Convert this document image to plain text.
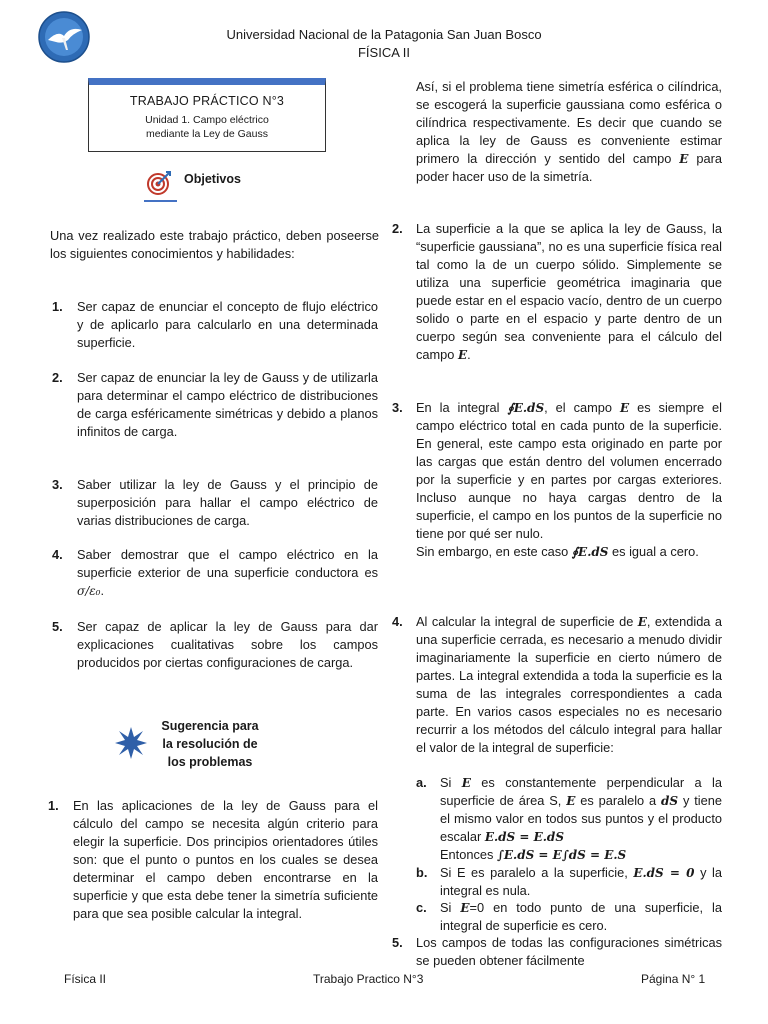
Universidad Nacional de la Patagonia San Juan Bosco
FÍSICA II
TRABAJO PRÁCTICO N°3
Unidad 1. Campo eléctrico
mediante la Ley de Gauss
Objetivos
Una vez realizado este trabajo práctico, deben poseerse los siguientes conocimientos y habilidades:
1. Ser capaz de enunciar el concepto de flujo eléctrico y de aplicarlo para calcularlo en una determinada superficie.
2. Ser capaz de enunciar la ley de Gauss y de utilizarla para determinar el campo eléctrico de distribuciones de carga esféricamente simétricas y debido a planos infinitos de carga.
3. Saber utilizar la ley de Gauss y el principio de superposición para hallar el campo eléctrico de varias distribuciones de carga.
4. Saber demostrar que el campo eléctrico en la superficie exterior de una superficie conductora es σ/ε₀.
5. Ser capaz de aplicar la ley de Gauss para dar explicaciones cualitativas sobre los campos producidos por ciertas configuraciones de carga.
Sugerencia para
la resolución de
los problemas
1. En las aplicaciones de la ley de Gauss para el cálculo del campo se necesita algún criterio para elegir la superficie. Dos principios orientadores útiles son: que el punto o puntos en los cuales se desea determinar el campo deben encontrarse en la superficie y que esta debe tener la simetría suficiente para que sea posible calcular la integral.
Así, si el problema tiene simetría esférica o cilíndrica, se escogerá la superficie gaussiana como esférica o cilíndrica respectivamente. Es decir que cuando se aplica la ley de Gauss es conveniente estimar primero la dirección y sentido del campo E para poder hacer uso de la simetría.
2. La superficie a la que se aplica la ley de Gauss, la “superficie gaussiana”, no es una superficie física real tal como la de un cuerpo sólido. Simplemente se utiliza una superficie geométrica imaginaria que puede estar en el espacio vacío, dentro de un cuerpo solido o parte en el espacio y parte dentro de un cuerpo según sea conveniente para el cálculo del campo E.
3. En la integral ∮E.dS, el campo E es siempre el campo eléctrico total en cada punto de la superficie. En general, este campo esta originado en parte por las cargas que están dentro del volumen encerrado por la superficie y en partes por cargas exteriores. Incluso aunque no haya cargas dentro de la superficie, el campo en los puntos de la superficie no tiene por qué ser nulo.
Sin embargo, en este caso ∮E.dS es igual a cero.
4. Al calcular la integral de superficie de E, extendida a una superficie cerrada, es necesario a menudo dividir imaginariamente la superficie en cierto número de partes. La integral extendida a toda la superficie es la suma de las integrales correspondientes a cada parte. En varios casos especiales no es necesario recurrir a los métodos del cálculo integral para hallar el valor de la integral de superficie:
a. Si E es constantemente perpendicular a la superficie de área S, E es paralelo a dS y tiene el mismo valor en todos sus puntos y el producto escalar E.dS = E.dS
Entonces ∫E.dS = E∫dS = E.S
b. Si E es paralelo a la superficie, E.dS = 0 y la integral es nula.
c. Si E=0 en todo punto de una superficie, la integral de superficie es cero.
5. Los campos de todas las configuraciones simétricas se pueden obtener fácilmente
Física II	Trabajo Practico N°3	Página N° 1
